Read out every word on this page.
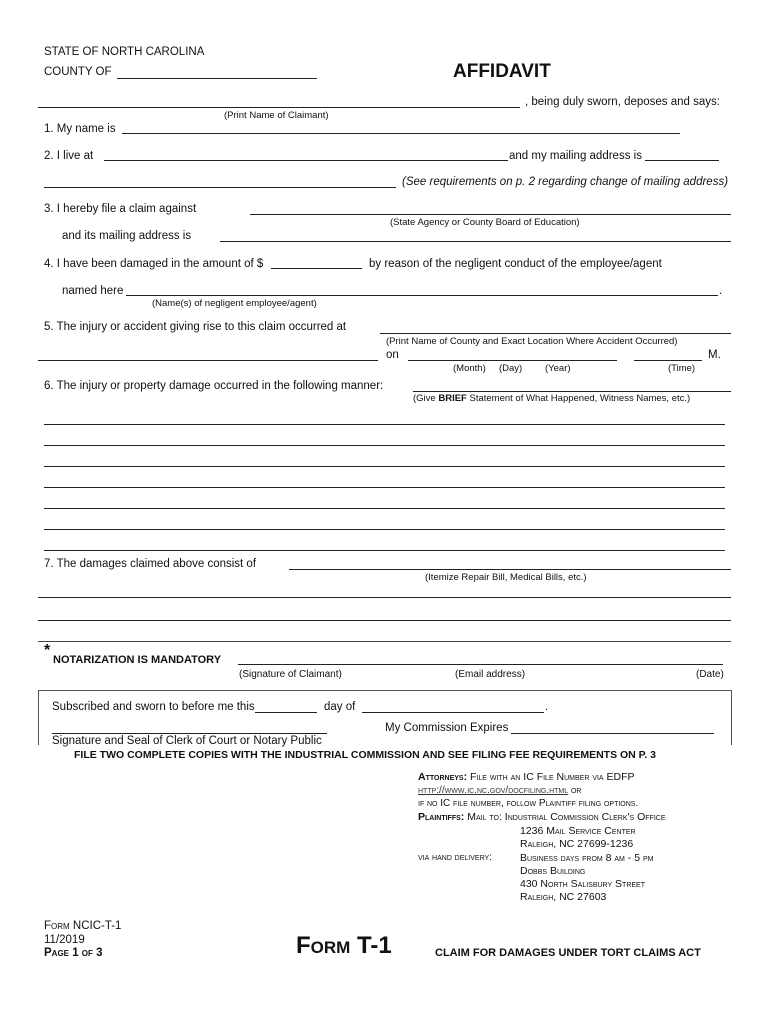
STATE OF NORTH CAROLINA
COUNTY OF	AFFIDAVIT
, being duly sworn, deposes and says:
(Print Name of Claimant)
1. My name is
2. I live at	and my mailing address is
(See requirements on p. 2 regarding change of mailing address)
3. I hereby file a claim against
(State Agency or County Board of Education)
and its mailing address is
4. I have been damaged in the amount of $	by reason of the negligent conduct of the employee/agent
named here	.
(Name(s) of negligent employee/agent)
5. The injury or accident giving rise to this claim occurred at
(Print Name of County and Exact Location Where Accident Occurred)
on	M.
(Month) (Day) (Year)	(Time)
6. The injury or property damage occurred in the following manner:
(Give BRIEF Statement of What Happened, Witness Names, etc.)
7. The damages claimed above consist of
(Itemize Repair Bill, Medical Bills, etc.)
*
NOTARIZATION IS MANDATORY
(Signature of Claimant)	(Email address)	(Date)
Subscribed and sworn to before me this	day of	.
My Commission Expires
Signature and Seal of Clerk of Court or Notary Public
FILE TWO COMPLETE COPIES WITH THE INDUSTRIAL COMMISSION AND SEE FILING FEE REQUIREMENTS ON P. 3
Attorneys: File with an IC File Number via EDFP
http://www.ic.nc.gov/docfiling.html or
if no IC file number, follow Plaintiff filing options.
Plaintiffs: Mail to: Industrial Commission Clerk's Office
1236 Mail Service Center
Raleigh, NC 27699-1236
via hand delivery:	Business days from 8 am - 5 pm
Dobbs Building
430 North Salisbury Street
Raleigh, NC 27603
Form NCIC-T-1
11/2019
Page 1 of 3	Form T-1	CLAIM FOR DAMAGES UNDER TORT CLAIMS ACT
